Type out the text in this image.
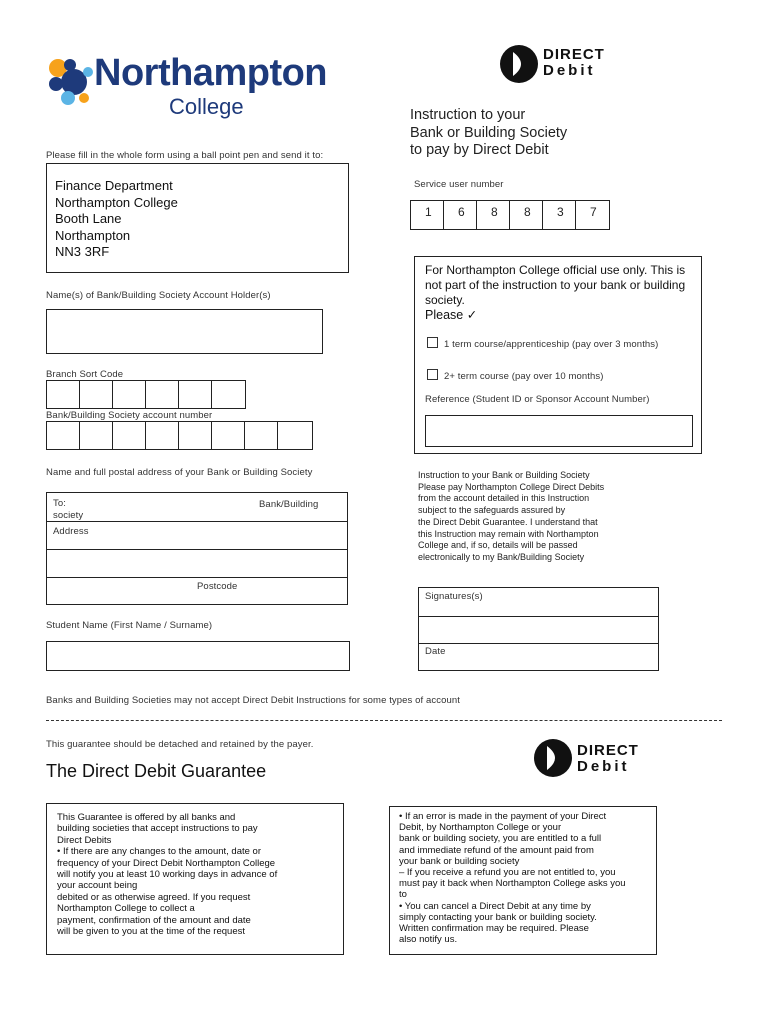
Northampton
College
DIRECT
Debit
Instruction to your
Bank or Building Society
to pay by Direct Debit
Please fill in the whole form using a ball point pen and send it to:
Finance Department
Northampton College
Booth Lane
Northampton
NN3 3RF
Service user number
1	6	8	8	3	7
For Northampton College official use only. This is not part of the instruction to your bank or building society.
Please ✓
1 term course/apprenticeship (pay over 3 months)
2+ term course (pay over 10 months)
Reference (Student ID or Sponsor Account Number)
Name(s) of Bank/Building Society Account Holder(s)
Branch Sort Code
Bank/Building Society account number
Name and full postal address of your Bank or Building Society
To:
society
Bank/Building
Address
Postcode
Instruction to your Bank or Building Society
Please pay Northampton College Direct Debits
from the account detailed in this Instruction
subject to the safeguards assured by
the Direct Debit Guarantee. I understand that
this Instruction may remain with Northampton
College and, if so, details will be passed
electronically to my Bank/Building Society
Signatures(s)
Date
Student Name (First Name / Surname)
Banks and Building Societies may not accept Direct Debit Instructions for some types of account
This guarantee should be detached and retained by the payer.	DIRECT
Debit
The Direct Debit Guarantee
This Guarantee is offered by all banks and
building societies that accept instructions to pay
Direct Debits
• If there are any changes to the amount, date or
frequency of your Direct Debit Northampton College
will notify you at least 10 working days in advance of
your account being
debited or as otherwise agreed. If you request
Northampton College to collect a
payment, confirmation of the amount and date
will be given to you at the time of the request
• If an error is made in the payment of your Direct
Debit, by Northampton College or your
bank or building society, you are entitled to a full
and immediate refund of the amount paid from
your bank or building society
– If you receive a refund you are not entitled to, you
must pay it back when Northampton College asks you
to
• You can cancel a Direct Debit at any time by
simply contacting your bank or building society.
Written confirmation may be required. Please
also notify us.
